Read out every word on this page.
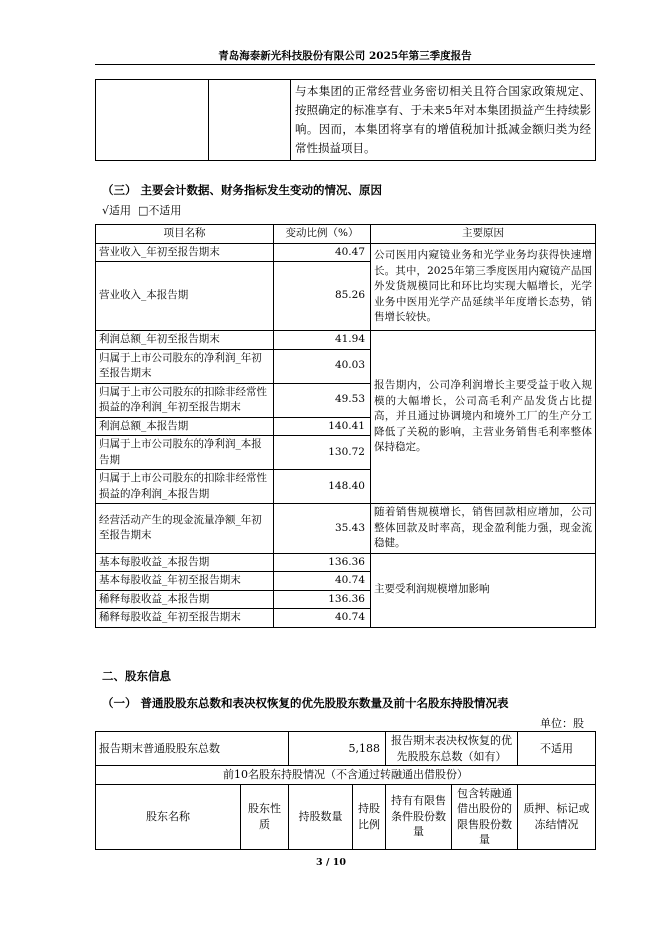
青岛海泰新光科技股份有限公司 2025年第三季度报告
		与本集团的正常经营业务密切相关且符合国家政策规定、按照确定的标准享有、于未来5年对本集团损益产生持续影响。因而，本集团将享有的增值税加计抵减金额归类为经常性损益项目。
（三） 主要会计数据、财务指标发生变动的情况、原因
√适用 □不适用
项目名称	变动比例（%）	主要原因
营业收入_年初至报告期末	40.47	公司医用内窥镜业务和光学业务均获得快速增长。其中，2025年第三季度医用内窥镜产品国外发货规模同比和环比均实现大幅增长，光学业务中医用光学产品延续半年度增长态势，销售增长较快。
营业收入_本报告期	85.26	
利润总额_年初至报告期末	41.94	报告期内，公司净利润增长主要受益于收入规模的大幅增长，公司高毛利产品发货占比提高，并且通过协调境内和境外工厂的生产分工降低了关税的影响，主营业务销售毛利率整体保持稳定。
归属于上市公司股东的净利润_年初至报告期末	40.03	
归属于上市公司股东的扣除非经常性损益的净利润_年初至报告期末	49.53	
利润总额_本报告期	140.41	
归属于上市公司股东的净利润_本报告期	130.72	
归属于上市公司股东的扣除非经常性损益的净利润_本报告期	148.40	
经营活动产生的现金流量净额_年初至报告期末	35.43	随着销售规模增长，销售回款相应增加，公司整体回款及时率高，现金盈利能力强，现金流稳健。
基本每股收益_本报告期	136.36	主要受利润规模增加影响
基本每股收益_年初至报告期末	40.74	
稀释每股收益_本报告期	136.36	
稀释每股收益_年初至报告期末	40.74	
二、股东信息
（一） 普通股股东总数和表决权恢复的优先股股东数量及前十名股东持股情况表
单位：股
报告期末普通股股东总数		5,188		报告期末表决权恢复的优先股股东总数（如有）		不适用
前10名股东持股情况（不含通过转融通出借股份）						
股东名称	股东性质	持股数量	持股比例	持有有限售条件股份数量	包含转融通借出股份的限售股份数量	质押、标记或冻结情况
3 / 10
